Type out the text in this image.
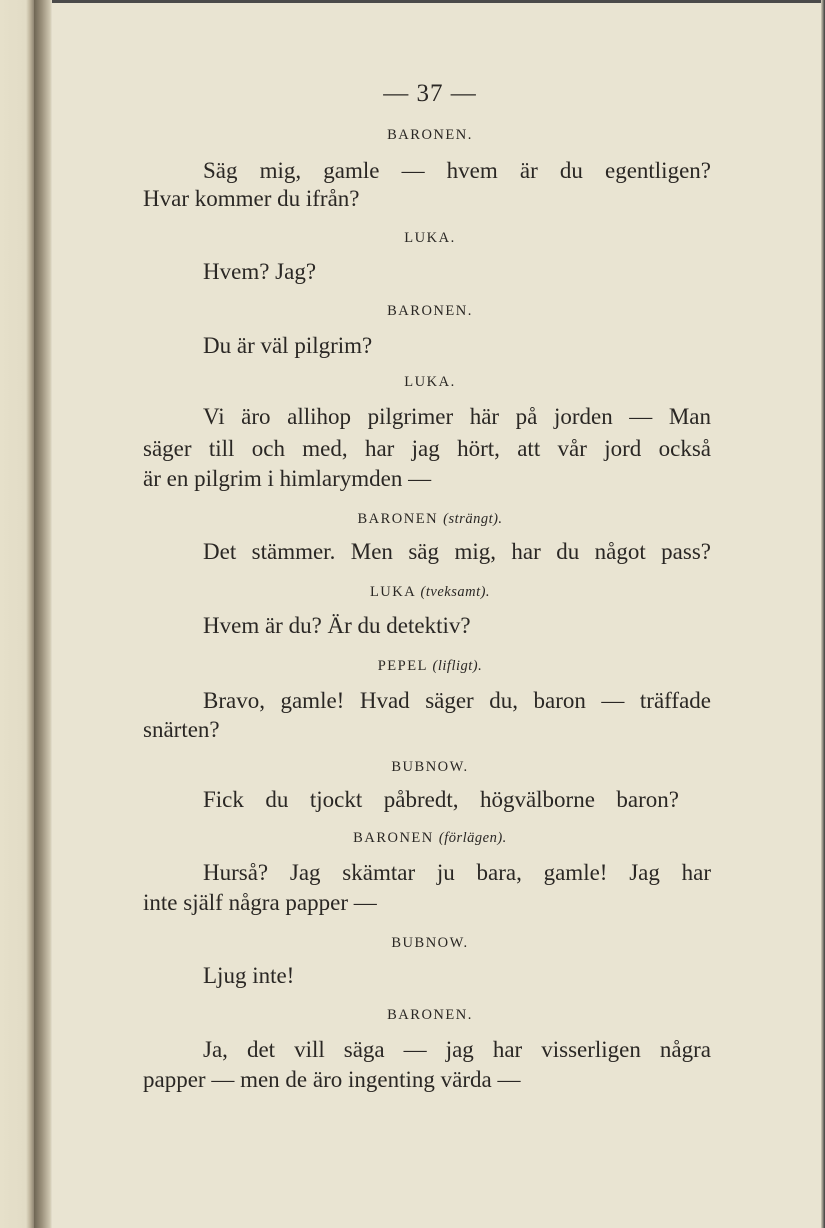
— 37 —
BARONEN.
Säg mig, gamle — hvem är du egentligen?
Hvar kommer du ifrån?
LUKA.
Hvem? Jag?
BARONEN.
Du är väl pilgrim?
LUKA.
Vi äro allihop pilgrimer här på jorden — Man
säger till och med, har jag hört, att vår jord också
är en pilgrim i himlarymden —
BARONEN (strängt).
Det stämmer. Men säg mig, har du något pass?
LUKA (tveksamt).
Hvem är du? Är du detektiv?
PEPEL (lifligt).
Bravo, gamle! Hvad säger du, baron — träffade
snärten?
BUBNOW.
Fick du tjockt påbredt, högvälborne baron?
BARONEN (förlägen).
Hurså? Jag skämtar ju bara, gamle! Jag har
inte själf några papper —
BUBNOW.
Ljug inte!
BARONEN.
Ja, det vill säga — jag har visserligen några
papper — men de äro ingenting värda —
